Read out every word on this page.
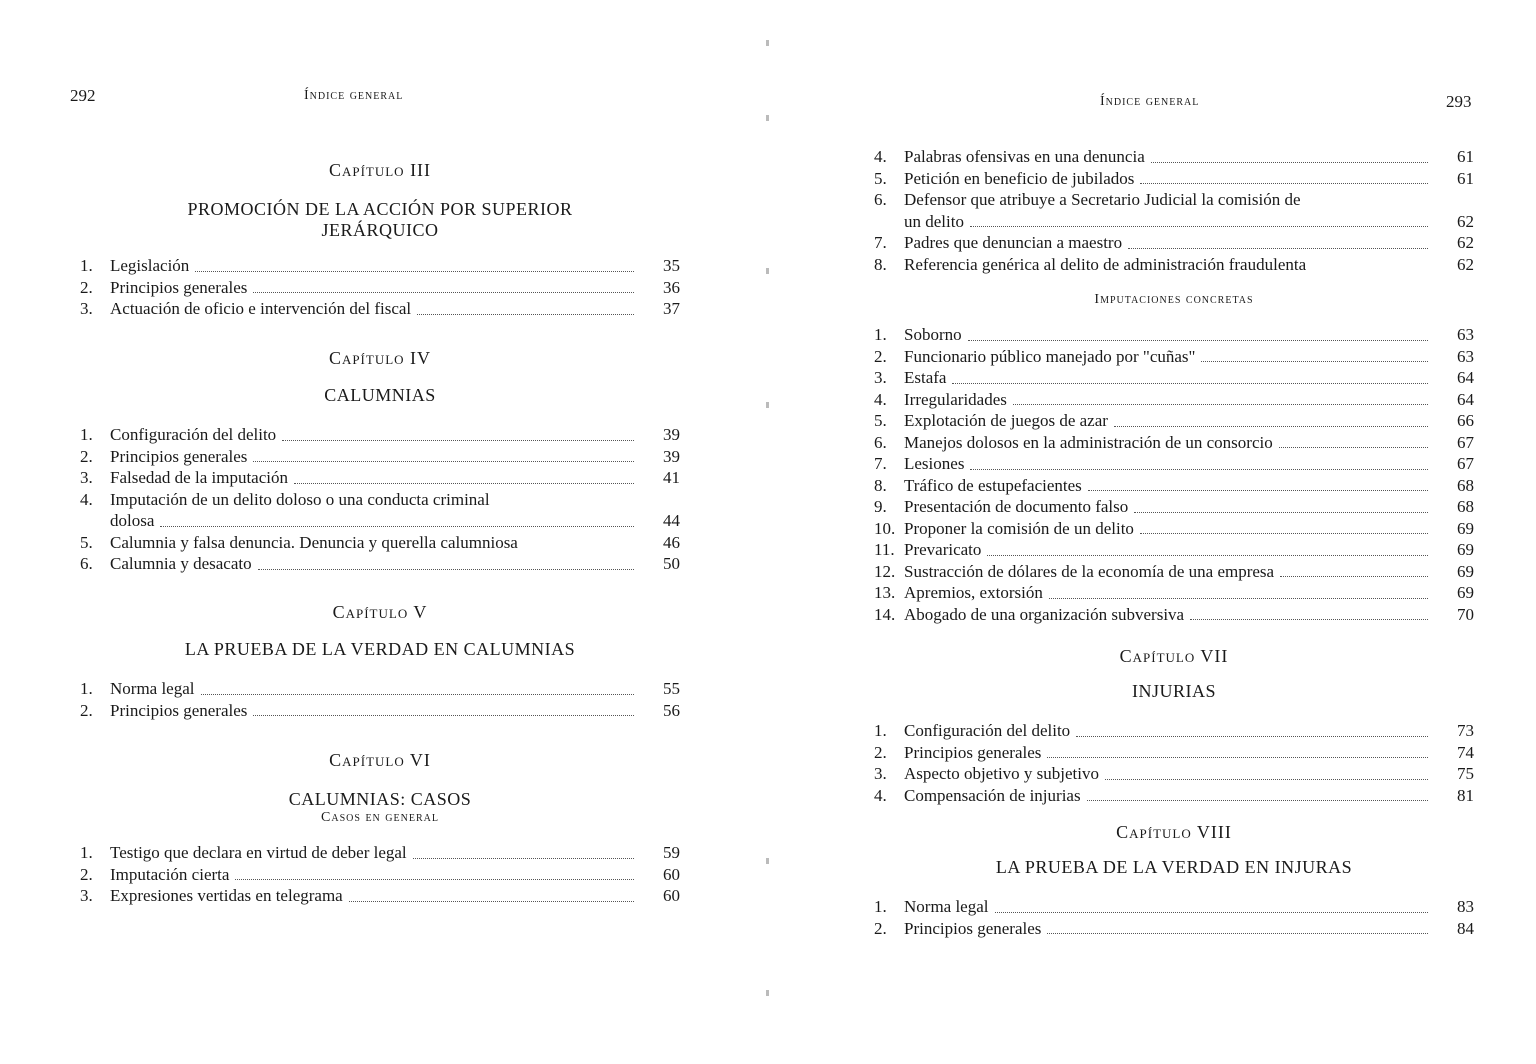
292	Índice general
Capítulo III
PROMOCIÓN DE LA ACCIÓN POR SUPERIOR JERÁRQUICO
1.	Legislación	35
2.	Principios generales	36
3.	Actuación de oficio e intervención del fiscal	37
Capítulo IV
CALUMNIAS
1.	Configuración del delito	39
2.	Principios generales	39
3.	Falsedad de la imputación	41
4.	Imputación de un delito doloso o una conducta criminal
dolosa	44
5.	Calumnia y falsa denuncia. Denuncia y querella calumniosa	46
6.	Calumnia y desacato	50
Capítulo V
LA PRUEBA DE LA VERDAD EN CALUMNIAS
1.	Norma legal	55
2.	Principios generales	56
Capítulo VI
CALUMNIAS: CASOS
Casos en general
1.	Testigo que declara en virtud de deber legal	59
2.	Imputación cierta	60
3.	Expresiones vertidas en telegrama	60
Índice general	293
4.	Palabras ofensivas en una denuncia	61
5.	Petición en beneficio de jubilados	61
6.	Defensor que atribuye a Secretario Judicial la comisión de
un delito	62
7.	Padres que denuncian a maestro	62
8.	Referencia genérica al delito de administración fraudulenta	62
Imputaciones concretas
1.	Soborno	63
2.	Funcionario público manejado por "cuñas"	63
3.	Estafa	64
4.	Irregularidades	64
5.	Explotación de juegos de azar	66
6.	Manejos dolosos en la administración de un consorcio	67
7.	Lesiones	67
8.	Tráfico de estupefacientes	68
9.	Presentación de documento falso	68
10. Proponer la comisión de un delito	69
11. Prevaricato	69
12. Sustracción de dólares de la economía de una empresa	69
13. Apremios, extorsión	69
14. Abogado de una organización subversiva	70
Capítulo VII
INJURIAS
1.	Configuración del delito	73
2.	Principios generales	74
3.	Aspecto objetivo y subjetivo	75
4.	Compensación de injurias	81
Capítulo VIII
LA PRUEBA DE LA VERDAD EN INJURAS
1.	Norma legal	83
2.	Principios generales	84
